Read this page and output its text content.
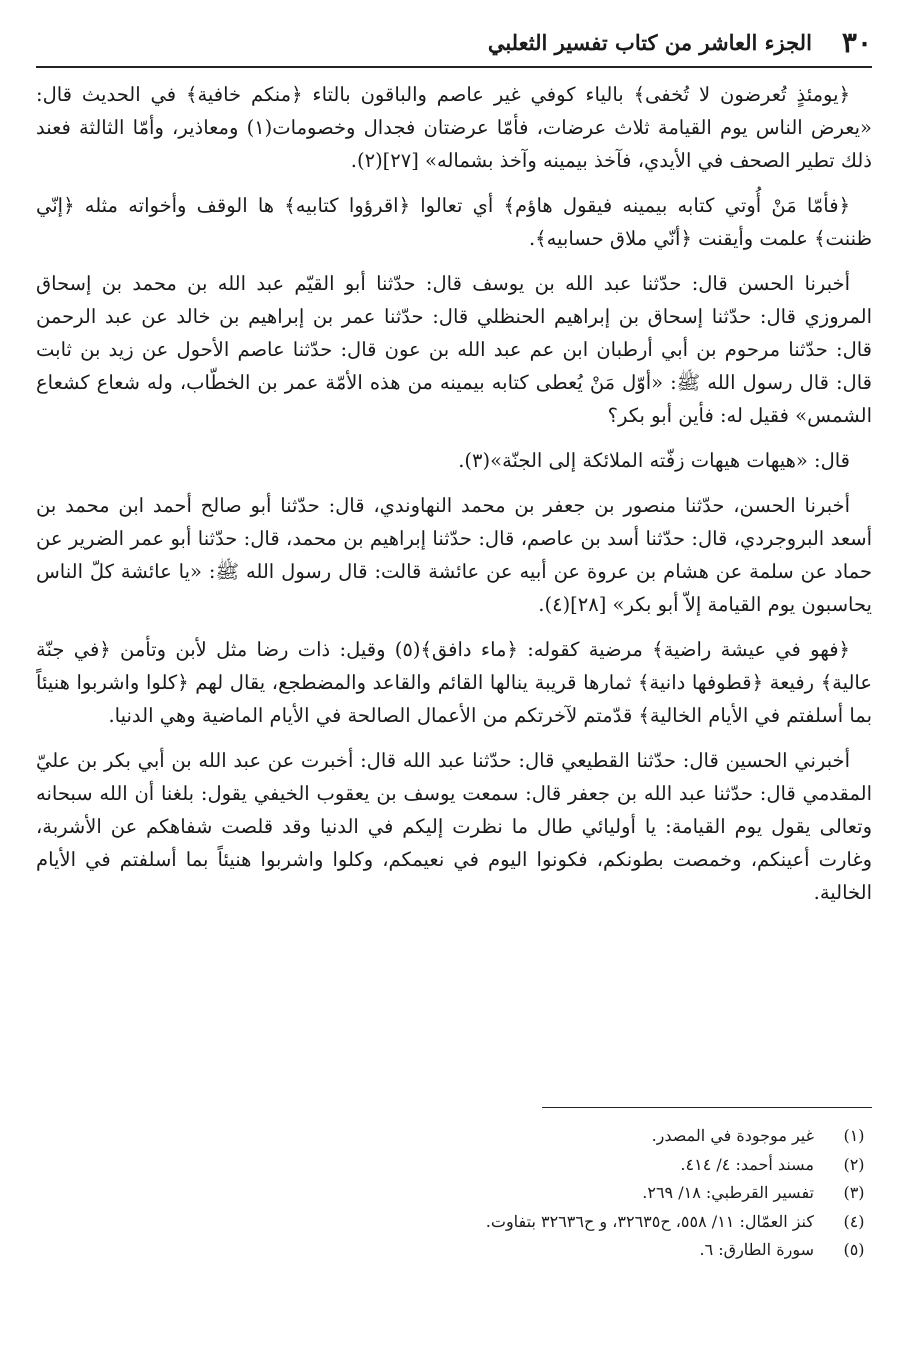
٣٠
الجزء العاشر من كتاب تفسير الثعلبي

﴿يومئذٍ تُعرضون لا تُخفى﴾ بالياء كوفي غير عاصم والباقون بالتاء ﴿منكم خافية﴾ في الحديث قال: «يعرض الناس يوم القيامة ثلاث عرضات، فأمّا عرضتان فجدال وخصومات(١) ومعاذير، وأمّا الثالثة فعند ذلك تطير الصحف في الأيدي، فآخذ بيمينه وآخذ بشماله» [٢٧](٢).

﴿فأمّا مَنْ أُوتي كتابه بيمينه فيقول هاؤم﴾ أي تعالوا ﴿اقرؤوا كتابيه﴾ ها الوقف وأخواته مثله ﴿إنّي ظننت﴾ علمت وأيقنت ﴿أنّي ملاق حسابيه﴾.

أخبرنا الحسن قال: حدّثنا عبد الله بن يوسف قال: حدّثنا أبو القيّم عبد الله بن محمد بن إسحاق المروزي قال: حدّثنا إسحاق بن إبراهيم الحنظلي قال: حدّثنا عمر بن إبراهيم بن خالد عن عبد الرحمن قال: حدّثنا مرحوم بن أبي أرطبان ابن عم عبد الله بن عون قال: حدّثنا عاصم الأحول عن زيد بن ثابت قال: قال رسول الله ﷺ: «أوّل مَنْ يُعطى كتابه بيمينه من هذه الأمّة عمر بن الخطّاب، وله شعاع كشعاع الشمس» فقيل له: فأين أبو بكر؟

قال: «هيهات هيهات زفّته الملائكة إلى الجنّة»(٣).

أخبرنا الحسن، حدّثنا منصور بن جعفر بن محمد النهاوندي، قال: حدّثنا أبو صالح أحمد ابن محمد بن أسعد البروجردي، قال: حدّثنا أسد بن عاصم، قال: حدّثنا إبراهيم بن محمد، قال: حدّثنا أبو عمر الضرير عن حماد عن سلمة عن هشام بن عروة عن أبيه عن عائشة قالت: قال رسول الله ﷺ: «يا عائشة كلّ الناس يحاسبون يوم القيامة إلاّ أبو بكر» [٢٨](٤).

﴿فهو في عيشة راضية﴾ مرضية كقوله: ﴿ماء دافق﴾(٥) وقيل: ذات رضا مثل لأبن وتأمن ﴿في جنّة عالية﴾ رفيعة ﴿قطوفها دانية﴾ ثمارها قريبة ينالها القائم والقاعد والمضطجع، يقال لهم ﴿كلوا واشربوا هنيئاً بما أسلفتم في الأيام الخالية﴾ قدّمتم لآخرتكم من الأعمال الصالحة في الأيام الماضية وهي الدنيا.

أخبرني الحسين قال: حدّثنا القطيعي قال: حدّثنا عبد الله قال: أخبرت عن عبد الله بن أبي بكر بن عليّ المقدمي قال: حدّثنا عبد الله بن جعفر قال: سمعت يوسف بن يعقوب الخيفي يقول: بلغنا أن الله سبحانه وتعالى يقول يوم القيامة: يا أوليائي طال ما نظرت إليكم في الدنيا وقد قلصت شفاهكم عن الأشربة، وغارت أعينكم، وخمصت بطونكم، فكونوا اليوم في نعيمكم، وكلوا واشربوا هنيئاً بما أسلفتم في الأيام الخالية.

(١)
غير موجودة في المصدر.
(٢)
مسند أحمد: ٤/ ٤١٤.
(٣)
تفسير القرطبي: ١٨/ ٢٦٩.
(٤)
كنز العمّال: ١١/ ٥٥٨، ح٣٢٦٣٥، و ح٣٢٦٣٦ بتفاوت.
(٥)
سورة الطارق: ٦.
